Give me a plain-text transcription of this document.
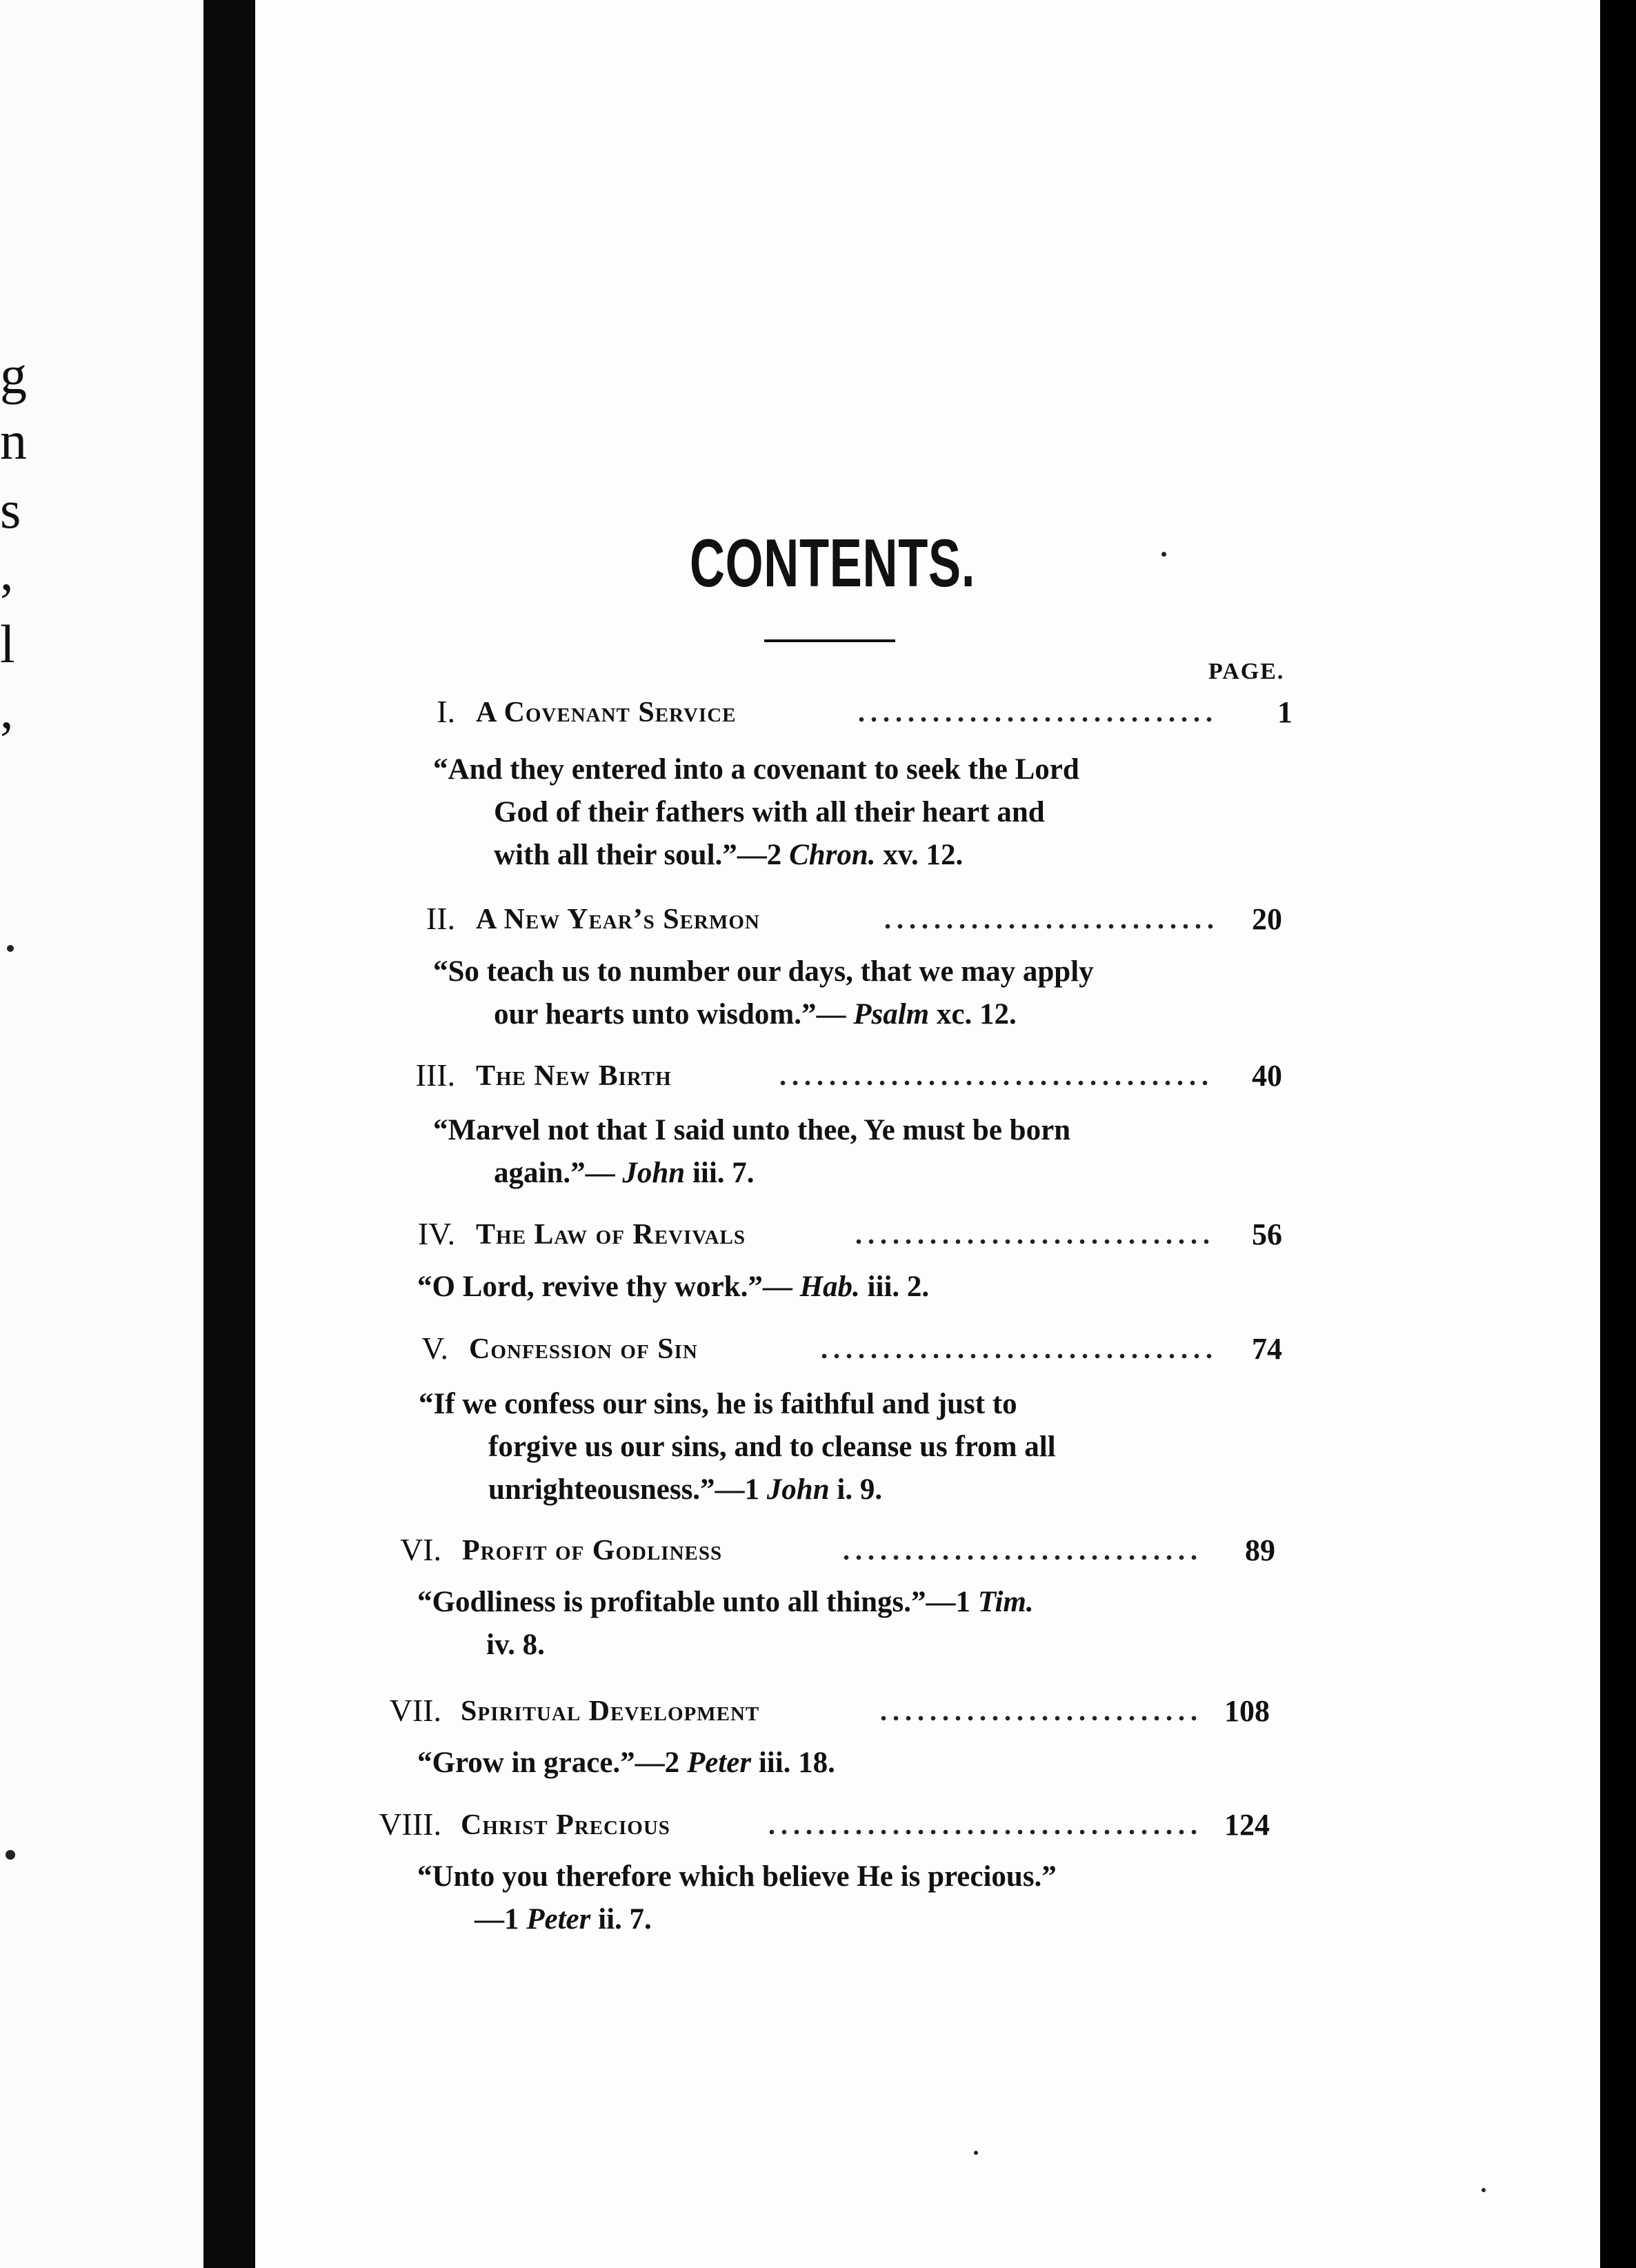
g
n
s
,
l
,
CONTENTS.
PAGE.
I. A Covenant Service	1
“And they entered into a covenant to seek the Lord
God of their fathers with all their heart and
with all their soul.”—2 Chron. xv. 12.
II. A New Year’s Sermon	20
“So teach us to number our days, that we may apply
our hearts unto wisdom.”— Psalm xc. 12.
III. The New Birth	40
“Marvel not that I said unto thee, Ye must be born
again.”— John iii. 7.
IV. The Law of Revivals	56
“O Lord, revive thy work.”— Hab. iii. 2.
V. Confession of Sin	74
“If we confess our sins, he is faithful and just to
forgive us our sins, and to cleanse us from all
unrighteousness.”—1 John i. 9.
VI. Profit of Godliness	89
“Godliness is profitable unto all things.”—1 Tim.
iv. 8.
VII. Spiritual Development	108
“Grow in grace.”—2 Peter iii. 18.
VIII. Christ Precious	124
“Unto you therefore which believe He is precious.”
—1 Peter ii. 7.
